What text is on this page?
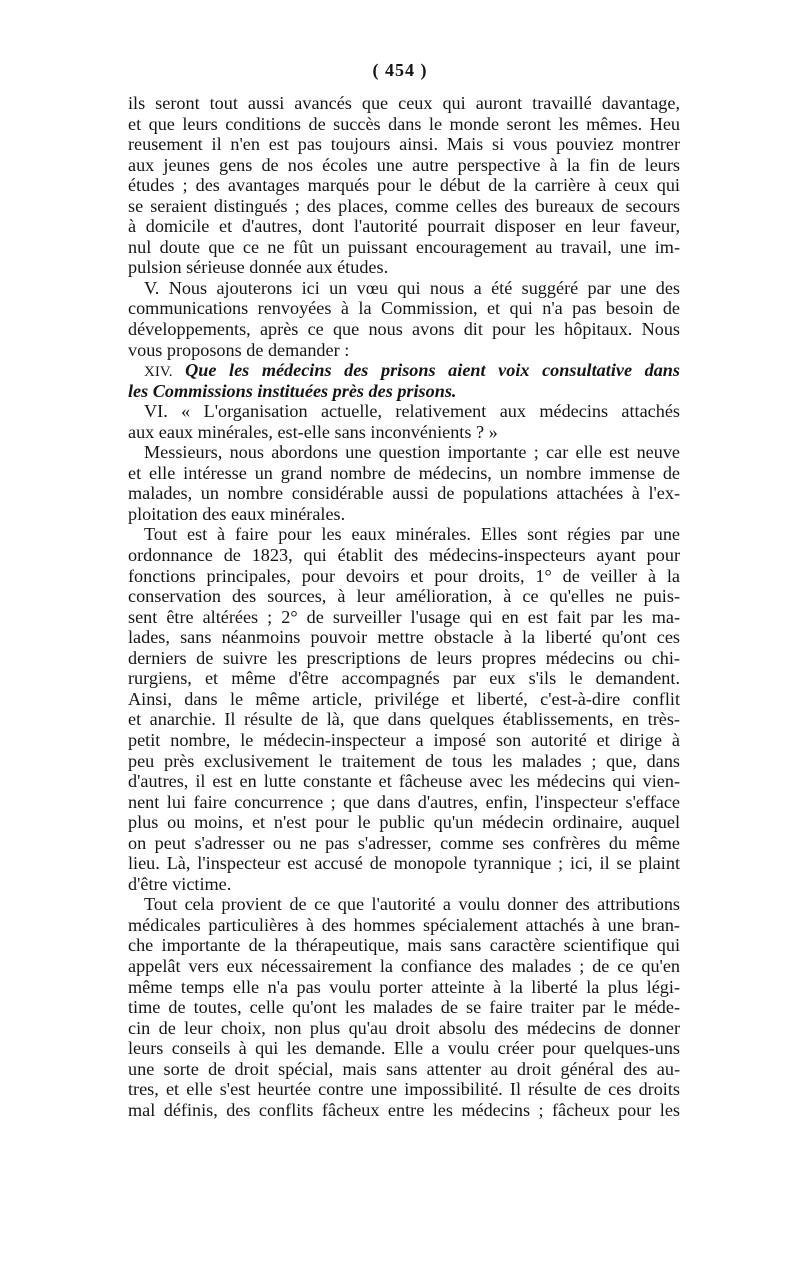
( 454 )
ils seront tout aussi avancés que ceux qui auront travaillé davantage,
et que leurs conditions de succès dans le monde seront les mêmes. Heu
reusement il n'en est pas toujours ainsi. Mais si vous pouviez montrer
aux jeunes gens de nos écoles une autre perspective à la fin de leurs
études ; des avantages marqués pour le début de la carrière à ceux qui
se seraient distingués ; des places, comme celles des bureaux de secours
à domicile et d'autres, dont l'autorité pourrait disposer en leur faveur,
nul doute que ce ne fût un puissant encouragement au travail, une im-
pulsion sérieuse donnée aux études.
V. Nous ajouterons ici un vœu qui nous a été suggéré par une des
communications renvoyées à la Commission, et qui n'a pas besoin de
développements, après ce que nous avons dit pour les hôpitaux. Nous
vous proposons de demander :
XIV. Que les médecins des prisons aient voix consultative dans
les Commissions instituées près des prisons.
VI. « L'organisation actuelle, relativement aux médecins attachés
aux eaux minérales, est-elle sans inconvénients ? »
Messieurs, nous abordons une question importante ; car elle est neuve
et elle intéresse un grand nombre de médecins, un nombre immense de
malades, un nombre considérable aussi de populations attachées à l'ex-
ploitation des eaux minérales.
Tout est à faire pour les eaux minérales. Elles sont régies par une
ordonnance de 1823, qui établit des médecins-inspecteurs ayant pour
fonctions principales, pour devoirs et pour droits, 1° de veiller à la
conservation des sources, à leur amélioration, à ce qu'elles ne puis-
sent être altérées ; 2° de surveiller l'usage qui en est fait par les ma-
lades, sans néanmoins pouvoir mettre obstacle à la liberté qu'ont ces
derniers de suivre les prescriptions de leurs propres médecins ou chi-
rurgiens, et même d'être accompagnés par eux s'ils le demandent.
Ainsi, dans le même article, privilége et liberté, c'est-à-dire conflit
et anarchie. Il résulte de là, que dans quelques établissements, en très-
petit nombre, le médecin-inspecteur a imposé son autorité et dirige à
peu près exclusivement le traitement de tous les malades ; que, dans
d'autres, il est en lutte constante et fâcheuse avec les médecins qui vien-
nent lui faire concurrence ; que dans d'autres, enfin, l'inspecteur s'efface
plus ou moins, et n'est pour le public qu'un médecin ordinaire, auquel
on peut s'adresser ou ne pas s'adresser, comme ses confrères du même
lieu. Là, l'inspecteur est accusé de monopole tyrannique ; ici, il se plaint
d'être victime.
Tout cela provient de ce que l'autorité a voulu donner des attributions
médicales particulières à des hommes spécialement attachés à une bran-
che importante de la thérapeutique, mais sans caractère scientifique qui
appelât vers eux nécessairement la confiance des malades ; de ce qu'en
même temps elle n'a pas voulu porter atteinte à la liberté la plus légi-
time de toutes, celle qu'ont les malades de se faire traiter par le méde-
cin de leur choix, non plus qu'au droit absolu des médecins de donner
leurs conseils à qui les demande. Elle a voulu créer pour quelques-uns
une sorte de droit spécial, mais sans attenter au droit général des au-
tres, et elle s'est heurtée contre une impossibilité. Il résulte de ces droits
mal définis, des conflits fâcheux entre les médecins ; fâcheux pour les
